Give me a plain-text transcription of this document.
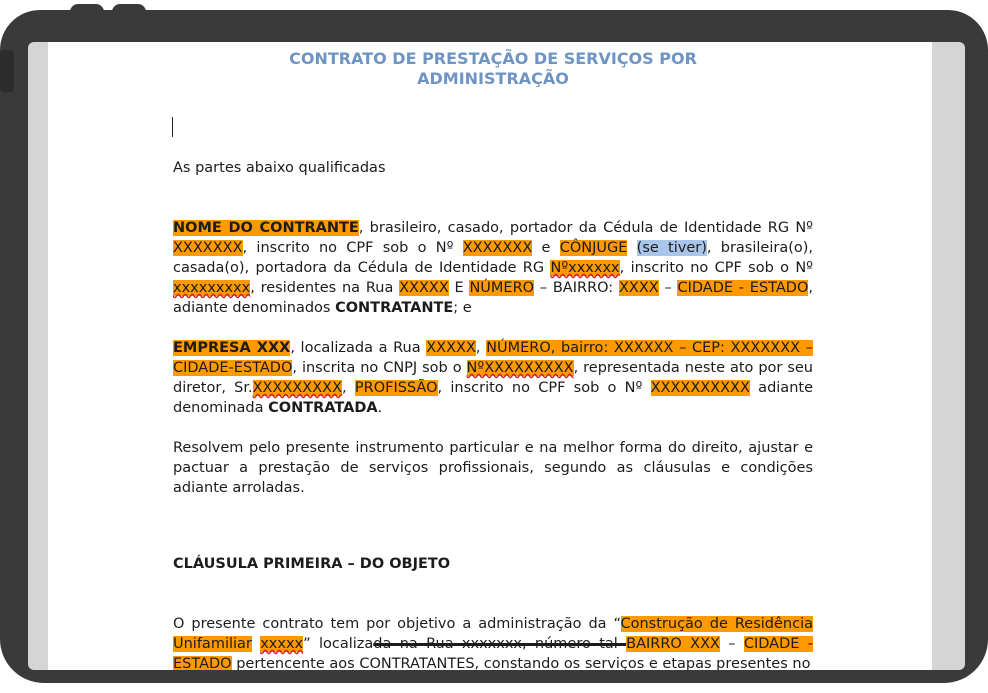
CONTRATO DE PRESTAÇÃO DE SERVIÇOS POR ADMINISTRAÇÃO
As partes abaixo qualificadas
NOME DO CONTRANTE, brasileiro, casado, portador da Cédula de Identidade RG Nº XXXXXXX, inscrito no CPF sob o Nº XXXXXXX e CÔNJUGE (se tiver), brasileira(o), casada(o), portadora da Cédula de Identidade RG Nºxxxxxx, inscrito no CPF sob o Nº xxxxxxxxx, residentes na Rua XXXXX E NÚMERO – BAIRRO: XXXX – CIDADE - ESTADO, adiante denominados CONTRATANTE; e
EMPRESA XXX, localizada a Rua XXXXX, NÚMERO, bairro: XXXXXX – CEP: XXXXXXX – CIDADE-ESTADO, inscrita no CNPJ sob o NºXXXXXXXXX, representada neste ato por seu diretor, Sr.XXXXXXXXX, PROFISSÃO, inscrito no CPF sob o Nº XXXXXXXXXX adiante denominada CONTRATADA.
Resolvem pelo presente instrumento particular e na melhor forma do direito, ajustar e pactuar a prestação de serviços profissionais, segundo as cláusulas e condições adiante arroladas.
CLÁUSULA PRIMEIRA – DO OBJETO
O presente contrato tem por objetivo a administração da “Construção de Residência Unifamiliar xxxxx” localizada na Rua xxxxxxx, número tal BAIRRO XXX – CIDADE - ESTADO pertencente aos CONTRATANTES, constando os serviços e etapas presentes no
